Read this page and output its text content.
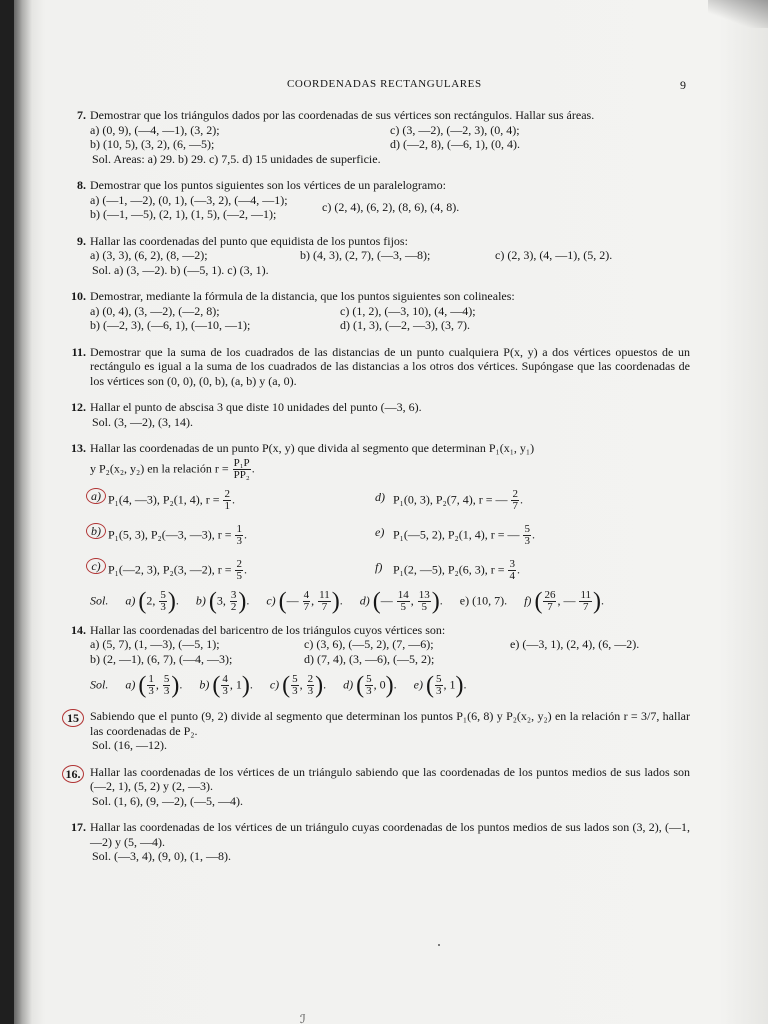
COORDENADAS RECTANGULARES	9
7. Demostrar que los triángulos dados por las coordenadas de sus vértices son rectángulos. Hallar sus áreas.
a) (0, 9), (—4, —1), (3, 2);	c) (3, —2), (—2, 3), (0, 4);
b) (10, 5), (3, 2), (6, —5);	d) (—2, 8), (—6, 1), (0, 4).
Sol. Areas: a) 29. b) 29. c) 7,5. d) 15 unidades de superficie.
8. Demostrar que los puntos siguientes son los vértices de un paralelogramo:
a) (—1, —2), (0, 1), (—3, 2), (—4, —1);
b) (—1, —5), (2, 1), (1, 5), (—2, —1);
c) (2, 4), (6, 2), (8, 6), (4, 8).
9. Hallar las coordenadas del punto que equidista de los puntos fijos:
a) (3, 3), (6, 2), (8, —2);	b) (4, 3), (2, 7), (—3, —8);	c) (2, 3), (4, —1), (5, 2).
Sol. a) (3, —2). b) (—5, 1). c) (3, 1).
10. Demostrar, mediante la fórmula de la distancia, que los puntos siguientes son colineales:
a) (0, 4), (3, —2), (—2, 8);	c) (1, 2), (—3, 10), (4, —4);
b) (—2, 3), (—6, 1), (—10, —1);	d) (1, 3), (—2, —3), (3, 7).
11. Demostrar que la suma de los cuadrados de las distancias de un punto cualquiera P(x, y) a dos vértices opuestos de un rectángulo es igual a la suma de los cuadrados de las distancias a los otros dos vértices. Supóngase que las coordenadas de los vértices son (0, 0), (0, b), (a, b) y (a, 0).
12. Hallar el punto de abscisa 3 que diste 10 unidades del punto (—3, 6).
Sol. (3, —2), (3, 14).
13. Hallar las coordenadas de un punto P(x, y) que divida al segmento que determinan P₁(x₁, y₁)
y P₂(x₂, y₂) en la relación $r = \frac{\text{P₁P}}{\text{PP₂}}$ .
a) P₁(4, —3), P₂(1, 4), $r = \frac{2}{1}$ .	d) P₁(0, 3), P₂(7, 4), r = — $\frac{2}{7}$ .
b) P₁(5, 3), P₂(—3, —3), $r = \frac{1}{3}$ .	e) P₁(—5, 2), P₂(1, 4), r = — $\frac{5}{3}$ .
c) P₁(—2, 3), P₂(3, —2), $r = \frac{2}{5}$ .	f) P₁(2, —5), P₂(6, 3), $r = \frac{3}{4}$ .
Sol. a) (2, $\frac{5}{3}$ ). b) (3, $\frac{3}{2}$ ). c) (— $\frac{4}{7}$ , $\frac{11}{7}$ ). d) (— $\frac{14}{5}$ , $\frac{13}{5}$ ). e) (10, 7). f) ( $\frac{26}{7}$ , — $\frac{11}{7}$ ).
14. Hallar las coordenadas del baricentro de los triángulos cuyos vértices son:
a) (5, 7), (1, —3), (—5, 1);	c) (3, 6), (—5, 2), (7, —6);	e) (—3, 1), (2, 4), (6, —2).
b) (2, —1), (6, 7), (—4, —3);	d) (7, 4), (3, —6), (—5, 2);
Sol. a) ( $\frac{1}{3}$ , $\frac{5}{3}$ ). b) ( $\frac{4}{3}$ , 1). c) ( $\frac{5}{3}$ , $\frac{2}{3}$ ). d) ( $\frac{5}{3}$ , 0). e) ( $\frac{5}{3}$ , 1).
15 Sabiendo que el punto (9, 2) divide al segmento que determinan los puntos P₁(6, 8) y P₂(x₂, y₂) en la relación r = 3/7, hallar las coordenadas de P₂.
Sol. (16, —12).
16. Hallar las coordenadas de los vértices de un triángulo sabiendo que las coordenadas de los puntos medios de sus lados son (—2, 1), (5, 2) y (2, —3).
Sol. (1, 6), (9, —2), (—5, —4).
17. Hallar las coordenadas de los vértices de un triángulo cuyas coordenadas de los puntos medios de sus lados son (3, 2), (—1, —2) y (5, —4).
Sol. (—3, 4), (9, 0), (1, —8).
ℐ
